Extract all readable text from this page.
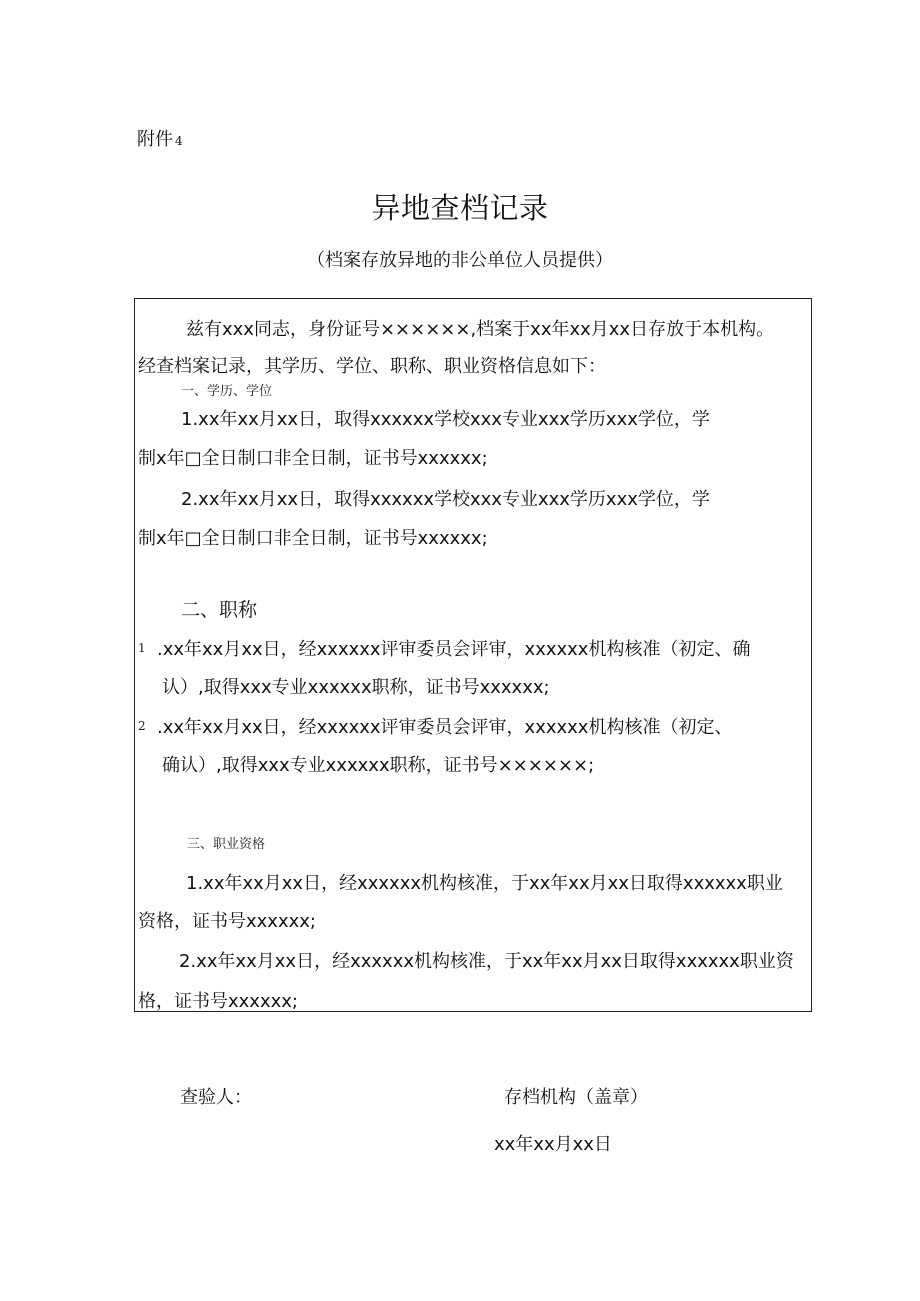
附件 4
异地查档记录
（档案存放异地的非公单位人员提供）
兹有xxx同志，身份证号××××××,档案于xx年xx月xx日存放于本机构。
经查档案记录，其学历、学位、职称、职业资格信息如下：
一、学历、学位
1.xx年xx月xx日，取得xxxxxx学校xxx专业xxx学历xxx学位，学
制x年□全日制口非全日制，证书号xxxxxx;
2.xx年xx月xx日，取得xxxxxx学校xxx专业xxx学历xxx学位，学
制x年□全日制口非全日制，证书号xxxxxx;
二、职称
1 .xx年xx月xx日，经xxxxxx评审委员会评审，xxxxxx机构核准（初定、确
认）,取得xxx专业xxxxxx职称，证书号xxxxxx;
2 .xx年xx月xx日，经xxxxxx评审委员会评审，xxxxxx机构核准（初定、
确认）,取得xxx专业xxxxxx职称，证书号××××××;
三、职业资格
1.xx年xx月xx日，经xxxxxx机构核准，于xx年xx月xx日取得xxxxxx职业
资格，证书号xxxxxx;
2.xx年xx月xx日，经xxxxxx机构核准，于xx年xx月xx日取得xxxxxx职业资
格，证书号xxxxxx;
查验人：	存档机构（盖章）
xx年xx月xx日
